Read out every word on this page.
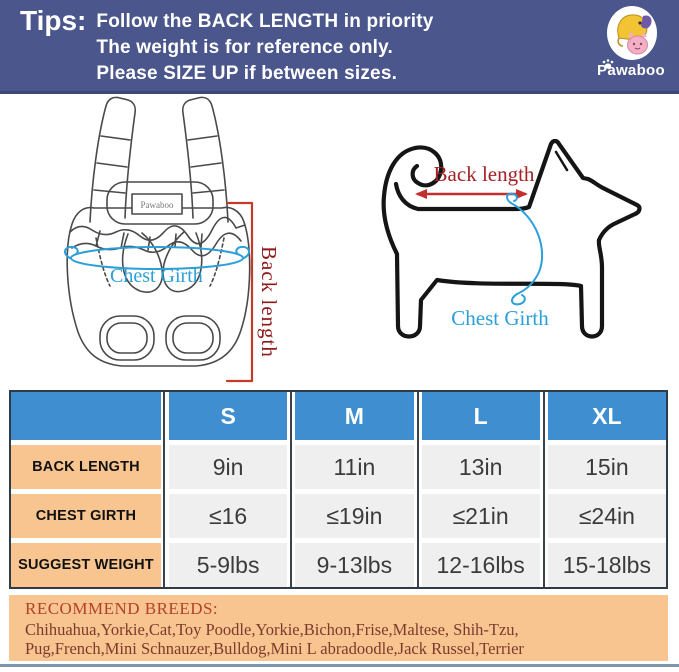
Tips: Follow the BACK LENGTH in priority
The weight is for reference only.
Please SIZE UP if between sizes.	Pawaboo
Pawaboo
Chest Girth	Back length
Back length
Chest Girth
S	M	L	XL
BACK LENGTH	9in	11in	13in	15in
CHEST GIRTH	≤16	≤19in	≤21in	≤24in
SUGGEST WEIGHT	5-9lbs	9-13lbs	12-16lbs	15-18lbs
RECOMMEND BREEDS:
Chihuahua,Yorkie,Cat,Toy Poodle,Yorkie,Bichon,Frise,Maltese, Shih-Tzu,
Pug,French,Mini Schnauzer,Bulldog,Mini L abradoodle,Jack Russel,Terrier
